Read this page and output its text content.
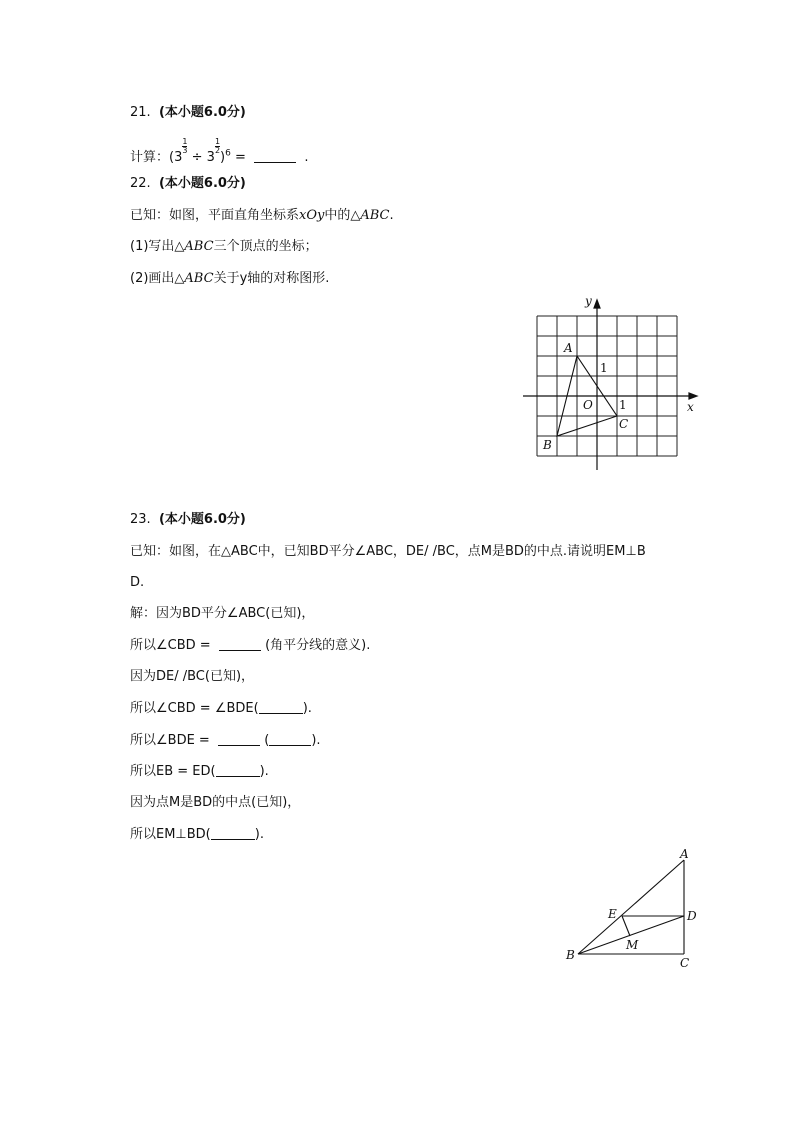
21. (本小题6.0分)
计算：(3
$^{\frac{1}{3}}$
÷ 3
$^{\frac{1}{2}}$
)$^6$ =	.
22. (本小题6.0分)
已知：如图，平面直角坐标系xOy中的△ABC.
(1)写出△ABC三个顶点的坐标；
(2)画出△ABC关于y轴的对称图形.
y
x
A
B
C
O 1
1
23. (本小题6.0分)
已知：如图，在△ABC中，已知BD平分∠ABC，DE/ /BC，点M是BD的中点.请说明EM⊥B
D.
解：因为BD平分∠ABC(已知)，
所以∠CBD =	(角平分线的意义).
因为DE/ /BC(已知)，
所以∠CBD = ∠BDE(	).
所以∠BDE =	(	).
所以EB = ED(	).
因为点M是BD的中点(已知)，
所以EM⊥BD(	).
A
B
C
D
E
M
